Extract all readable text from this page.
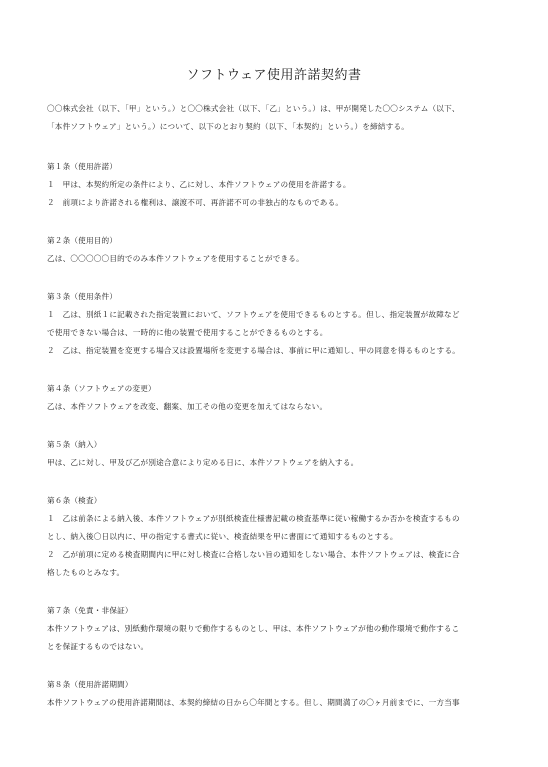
ソフトウェア使用許諾契約書
〇〇株式会社（以下、「甲」という。）と〇〇株式会社（以下、「乙」という。）は、甲が開発した〇〇システム（以下、
「本件ソフトウェア」という。）について、以下のとおり契約（以下、「本契約」という。）を締結する。
第１条（使用許諾）
１　甲は、本契約所定の条件により、乙に対し、本件ソフトウェアの使用を許諾する。
２　前項により許諾される権利は、譲渡不可、再許諾不可の非独占的なものである。
第２条（使用目的）
乙は、〇〇〇〇〇目的でのみ本件ソフトウェアを使用することができる。
第３条（使用条件）
１　乙は、別紙１に記載された指定装置において、ソフトウェアを使用できるものとする。但し、指定装置が故障など
で使用できない場合は、一時的に他の装置で使用することができるものとする。
２　乙は、指定装置を変更する場合又は設置場所を変更する場合は、事前に甲に通知し、甲の同意を得るものとする。
第４条（ソフトウェアの変更）
乙は、本件ソフトウェアを改変、翻案、加工その他の変更を加えてはならない。
第５条（納入）
甲は、乙に対し、甲及び乙が別途合意により定める日に、本件ソフトウェアを納入する。
第６条（検査）
１　乙は前条による納入後、本件ソフトウェアが別紙検査仕様書記載の検査基準に従い稼働するか否かを検査するもの
とし、納入後〇日以内に、甲の指定する書式に従い、検査結果を甲に書面にて通知するものとする。
２　乙が前項に定める検査期間内に甲に対し検査に合格しない旨の通知をしない場合、本件ソフトウェアは、検査に合
格したものとみなす。
第７条（免責・非保証）
本件ソフトウェアは、別紙動作環境の限りで動作するものとし、甲は、本件ソフトウェアが他の動作環境で動作するこ
とを保証するものではない。
第８条（使用許諾期間）
本件ソフトウェアの使用許諾期間は、本契約締結の日から〇年間とする。但し、期間満了の〇ヶ月前までに、一方当事
